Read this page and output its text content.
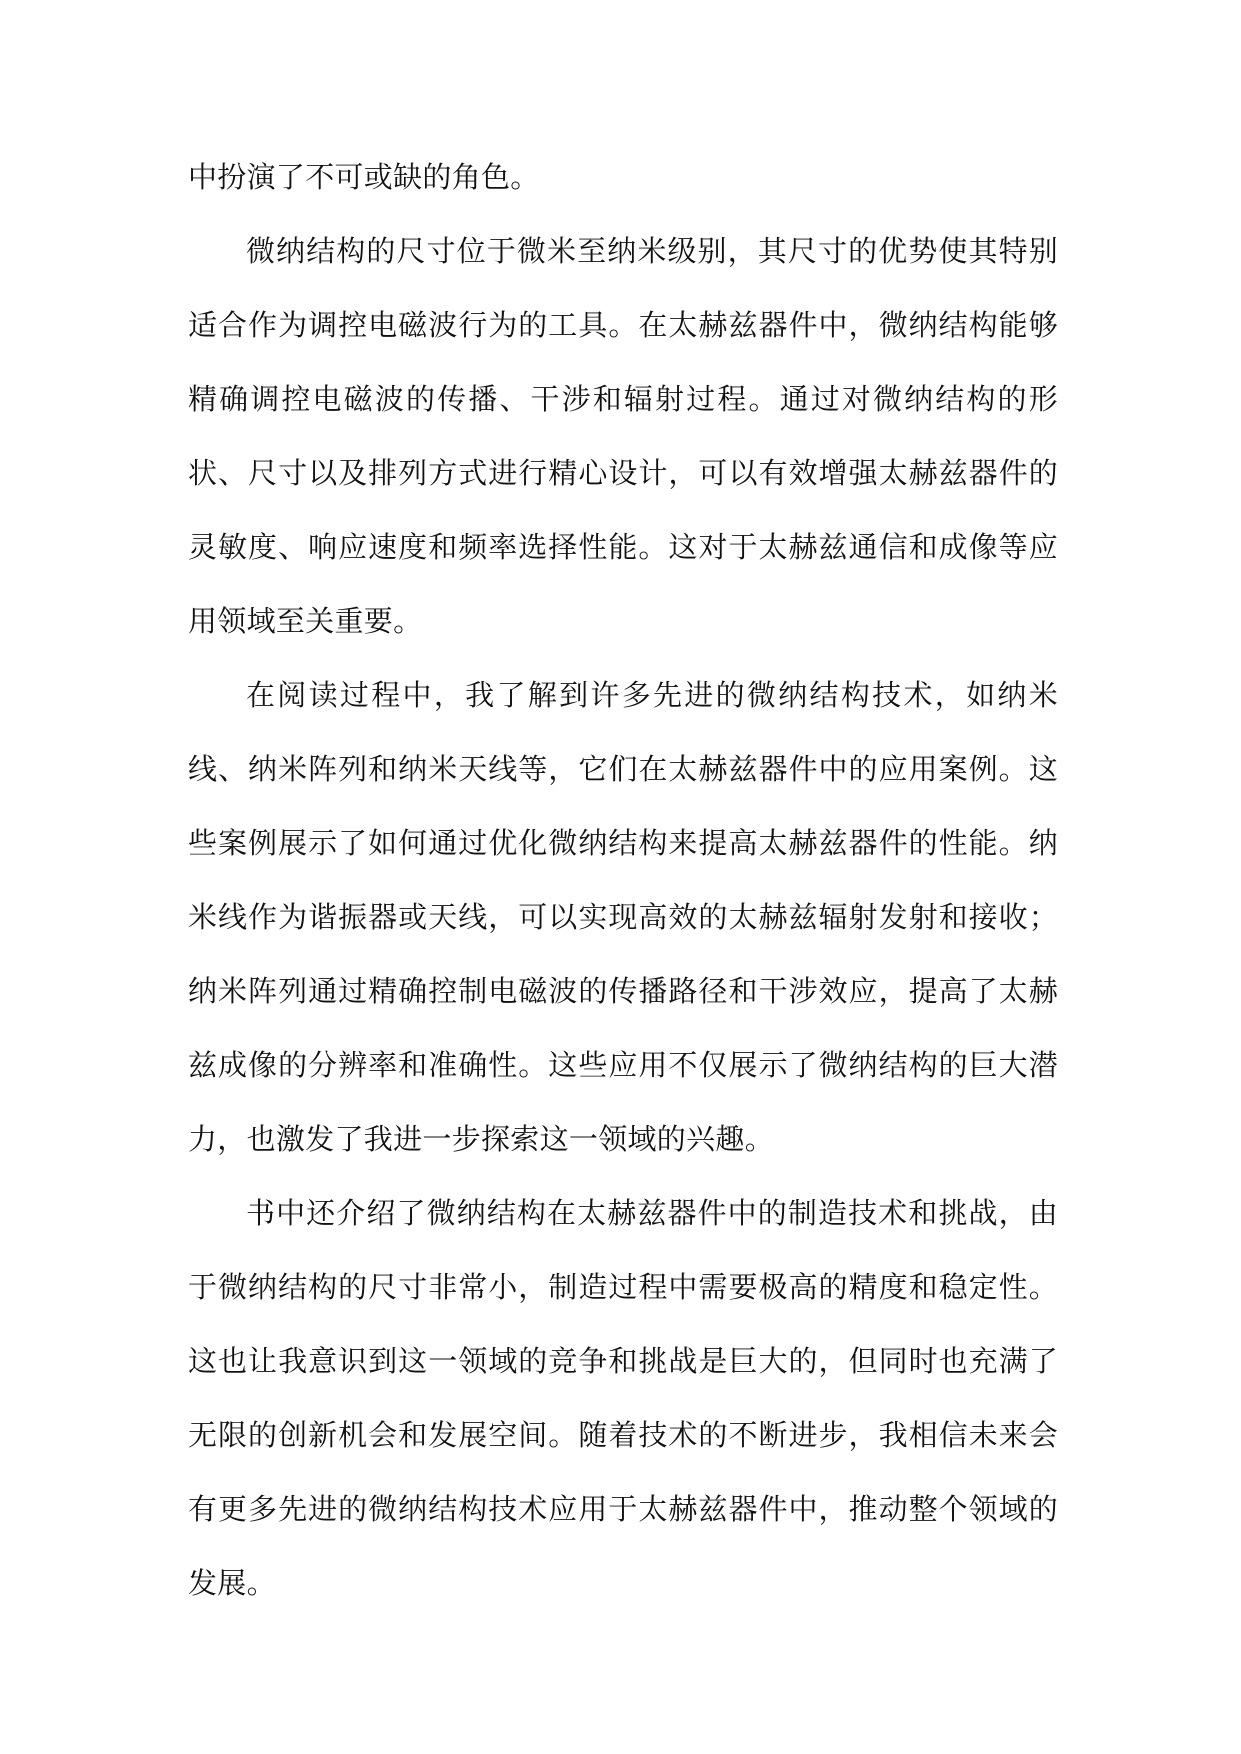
中扮演了不可或缺的角色。

微纳结构的尺寸位于微米至纳米级别，其尺寸的优势使其特别适合作为调控电磁波行为的工具。在太赫兹器件中，微纳结构能够精确调控电磁波的传播、干涉和辐射过程。通过对微纳结构的形状、尺寸以及排列方式进行精心设计，可以有效增强太赫兹器件的灵敏度、响应速度和频率选择性能。这对于太赫兹通信和成像等应用领域至关重要。

在阅读过程中，我了解到许多先进的微纳结构技术，如纳米线、纳米阵列和纳米天线等，它们在太赫兹器件中的应用案例。这些案例展示了如何通过优化微纳结构来提高太赫兹器件的性能。纳米线作为谐振器或天线，可以实现高效的太赫兹辐射发射和接收；纳米阵列通过精确控制电磁波的传播路径和干涉效应，提高了太赫兹成像的分辨率和准确性。这些应用不仅展示了微纳结构的巨大潜力，也激发了我进一步探索这一领域的兴趣。

书中还介绍了微纳结构在太赫兹器件中的制造技术和挑战，由于微纳结构的尺寸非常小，制造过程中需要极高的精度和稳定性。这也让我意识到这一领域的竞争和挑战是巨大的，但同时也充满了无限的创新机会和发展空间。随着技术的不断进步，我相信未来会有更多先进的微纳结构技术应用于太赫兹器件中，推动整个领域的发展。
